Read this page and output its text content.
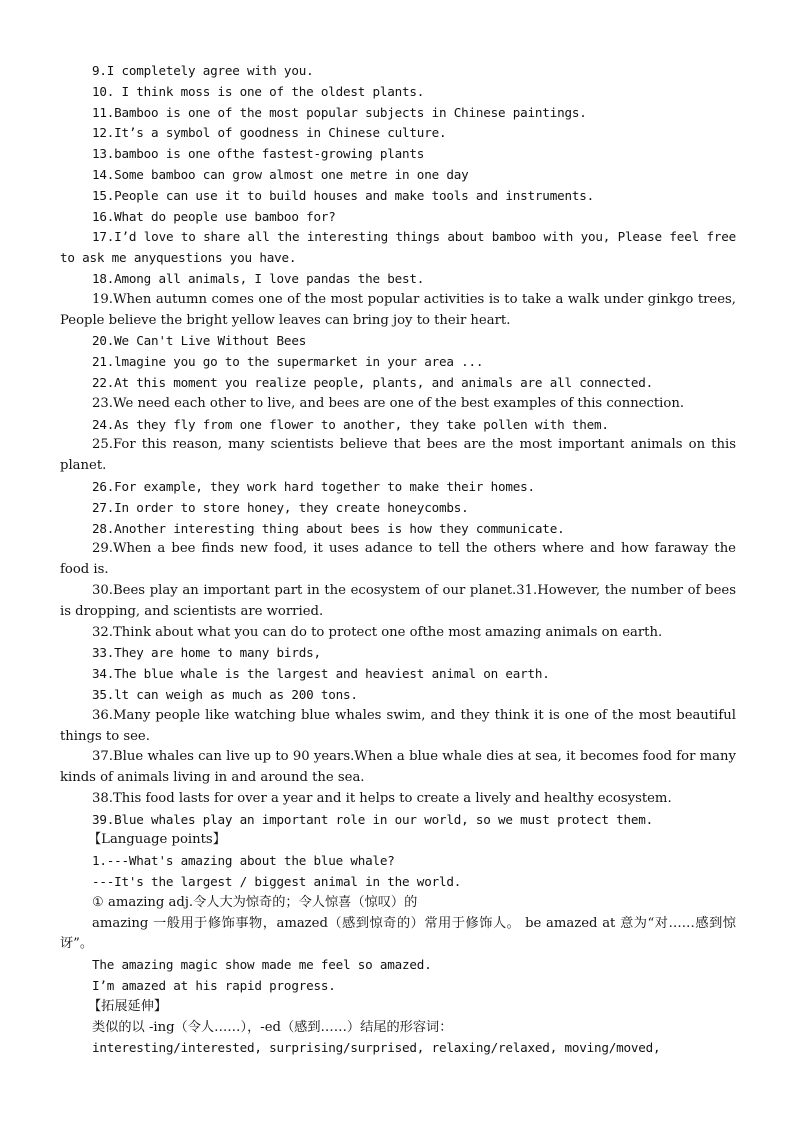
9.I completely agree with you.

10. I think moss is one of the oldest plants.

11.Bamboo is one of the most popular subjects in Chinese paintings.

12.It’s a symbol of goodness in Chinese culture.

13.bamboo is one ofthe fastest-growing plants

14.Some bamboo can grow almost one metre in one day

15.People can use it to build houses and make tools and instruments.

16.What do people use bamboo for?

17.I’d love to share all the interesting things about bamboo with you, Please feel free to ask me anyquestions you have.

18.Among all animals, I love pandas the best.

19.When autumn comes one of the most popular activities is to take a walk under ginkgo trees, People believe the bright yellow leaves can bring joy to their heart.

20.We Can't Live Without Bees

21.lmagine you go to the supermarket in your area ...

22.At this moment you realize people, plants, and animals are all connected.

23.We need each other to live, and bees are one of the best examples of this connection.

24.As they fly from one flower to another, they take pollen with them.

25.For this reason, many scientists believe that bees are the most important animals on this planet.

26.For example, they work hard together to make their homes.

27.In order to store honey, they create honeycombs.

28.Another interesting thing about bees is how they communicate.

29.When a bee finds new food, it uses adance to tell the others where and how faraway the food is.

30.Bees play an important part in the ecosystem of our planet.31.However, the number of bees is dropping, and scientists are worried.

32.Think about what you can do to protect one ofthe most amazing animals on earth.

33.They are home to many birds,

34.The blue whale is the largest and heaviest animal on earth.

35.lt can weigh as much as 200 tons.

36.Many people like watching blue whales swim, and they think it is one of the most beautiful things to see.

37.Blue whales can live up to 90 years.When a blue whale dies at sea, it becomes food for many kinds of animals living in and around the sea.

38.This food lasts for over a year and it helps to create a lively and healthy ecosystem.

39.Blue whales play an important role in our world, so we must protect them.

【Language points】

1.---What's amazing about the blue whale?

---It's the largest / biggest animal in the world.

① amazing adj.令人大为惊奇的；令人惊喜（惊叹）的

amazing 一般用于修饰事物，amazed（感到惊奇的）常用于修饰人。 be amazed at 意为“对……感到惊讶”。

The amazing magic show made me feel so amazed.

I’m amazed at his rapid progress.

【拓展延伸】

类似的以 -ing（令人……），-ed（感到……）结尾的形容词：

interesting/interested, surprising/surprised, relaxing/relaxed, moving/moved,
